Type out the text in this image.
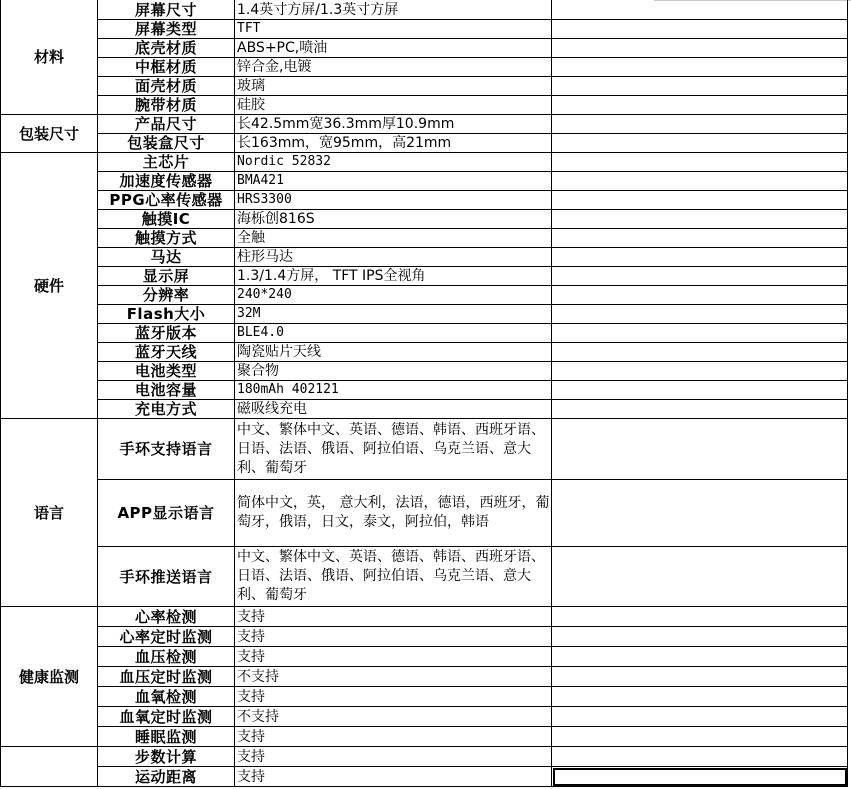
材料	屏幕尺寸	1.4英寸方屏/1.3英寸方屏	
	屏幕类型	TFT	
	底壳材质	ABS+PC,喷油	
	中框材质	锌合金,电镀	
	面壳材质	玻璃	
	腕带材质	硅胶	
包装尺寸	产品尺寸	长42.5mm宽36.3mm厚10.9mm	
	包装盒尺寸	长163mm，宽95mm，高21mm	
硬件	主芯片	Nordic 52832	
	加速度传感器	BMA421	
	PPG心率传感器	HRS3300	
	触摸IC	海栎创816S	
	触摸方式	全触	
	马达	柱形马达	
	显示屏	1.3/1.4方屏， TFT IPS全视角	
	分辨率	240*240	
	Flash大小	32M	
	蓝牙版本	BLE4.0	
	蓝牙天线	陶瓷贴片天线	
	电池类型	聚合物	
	电池容量	180mAh 402121	
	充电方式	磁吸线充电	
语言	手环支持语言	中文、繁体中文、英语、德语、韩语、西班牙语、日语、法语、俄语、阿拉伯语、乌克兰语、意大利、葡萄牙	
	APP显示语言	简体中文，英， 意大利，法语，德语，西班牙，葡萄牙，俄语，日文，泰文，阿拉伯，韩语	
	手环推送语言	中文、繁体中文、英语、德语、韩语、西班牙语、日语、法语、俄语、阿拉伯语、乌克兰语、意大利、葡萄牙	
健康监测	心率检测	支持	
	心率定时监测	支持	
	血压检测	支持	
	血压定时监测	不支持	
	血氧检测	支持	
	血氧定时监测	不支持	
	睡眠监测	支持	
	步数计算	支持	
	运动距离	支持	
